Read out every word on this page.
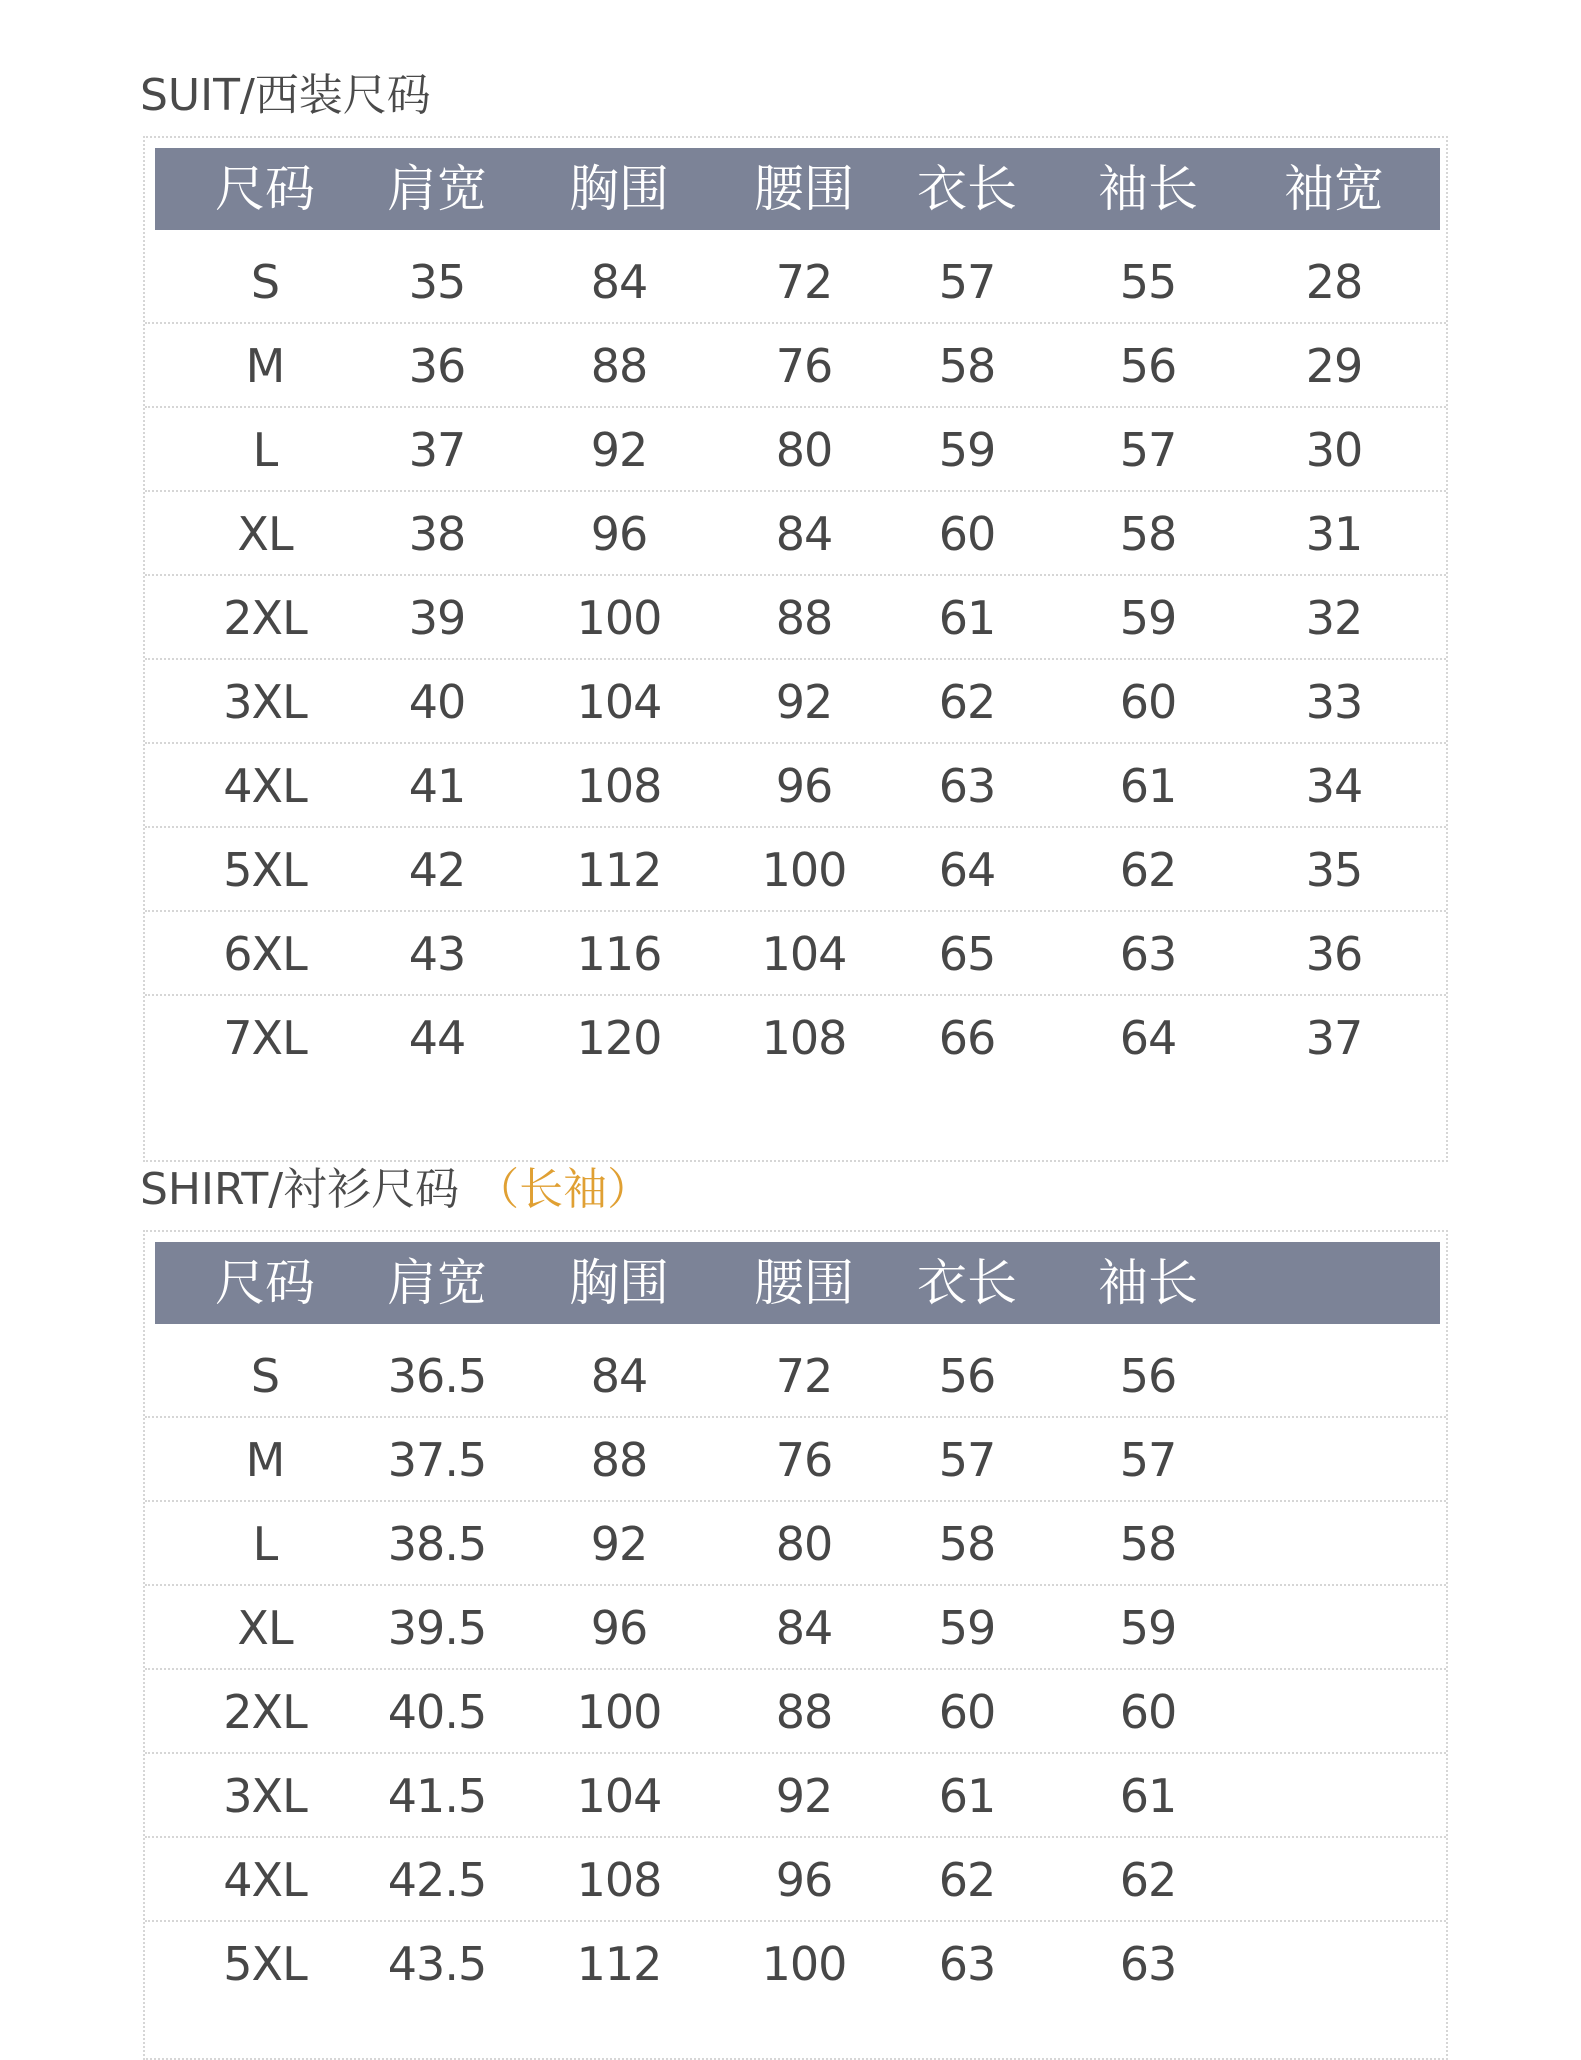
SUIT/西装尺码
尺码 肩宽 胸围 腰围 衣长 袖长 袖宽
S	35	84	72 57	55	28
M	36	88	76 58	56	29
L	37	92	80 59	57	30
XL	38	96	84 60	58	31
2XL 39 100 88 61	59	32
3XL 40 104 92 62	60	33
4XL 41 108 96 63	61	34
5XL 42 112 100 64	62	35
6XL 43 116 104 65	63	36
7XL 44 120 108 66	64	37
SHIRT/衬衫尺码 （长袖）
尺码 肩宽 胸围 腰围 衣长 袖长
S 36.5 84	72 56	56
M 37.5 88	76 57	57
L 38.5 92	80 58	58
XL 39.5 96	84 59	59
2XL 40.5 100 88 60	60
3XL 41.5 104 92 61	61
4XL 42.5 108 96 62	62
5XL 43.5 112 100 63	63
